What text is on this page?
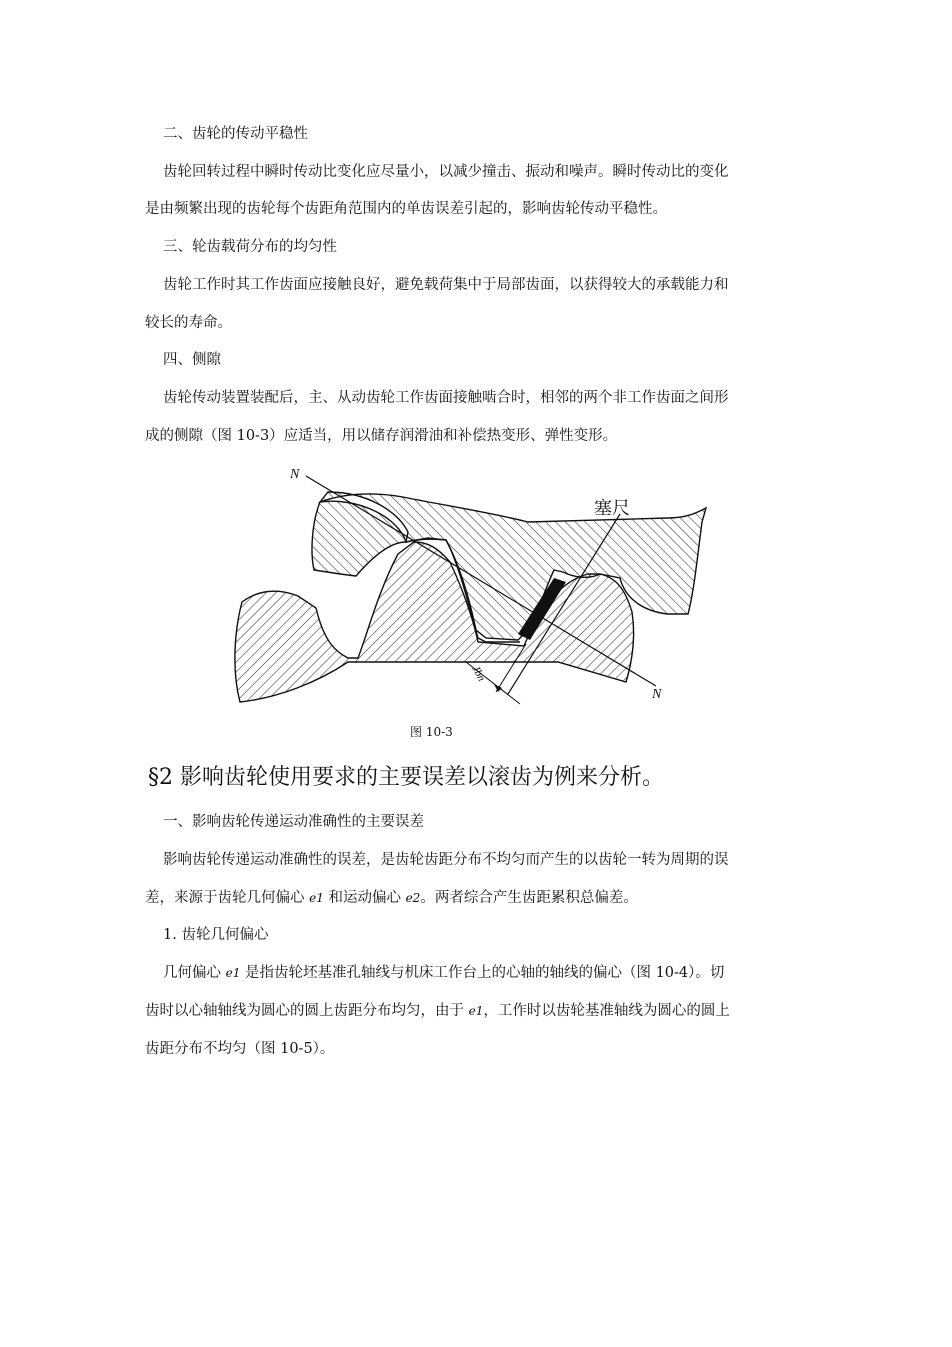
二、齿轮的传动平稳性
齿轮回转过程中瞬时传动比变化应尽量小，以减少撞击、振动和噪声。瞬时传动比的变化
是由频繁出现的齿轮每个齿距角范围内的单齿误差引起的，影响齿轮传动平稳性。
三、轮齿载荷分布的均匀性
齿轮工作时其工作齿面应接触良好，避免载荷集中于局部齿面，以获得较大的承载能力和
较长的寿命。
四、侧隙
齿轮传动装置装配后，主、从动齿轮工作齿面接触啮合时，相邻的两个非工作齿面之间形
成的侧隙（图 10-3）应适当，用以储存润滑油和补偿热变形、弹性变形。
N
N
塞尺
Jbn
图 10-3
§2 影响齿轮使用要求的主要误差以滚齿为例来分析。
一、影响齿轮传递运动准确性的主要误差
影响齿轮传递运动准确性的误差，是齿轮齿距分布不均匀而产生的以齿轮一转为周期的误
差，来源于齿轮几何偏心 e1 和运动偏心 e2。两者综合产生齿距累积总偏差。
1. 齿轮几何偏心
几何偏心 e1 是指齿轮坯基准孔轴线与机床工作台上的心轴的轴线的偏心（图 10-4）。切
齿时以心轴轴线为圆心的圆上齿距分布均匀，由于 e1，工作时以齿轮基准轴线为圆心的圆上
齿距分布不均匀（图 10-5）。
